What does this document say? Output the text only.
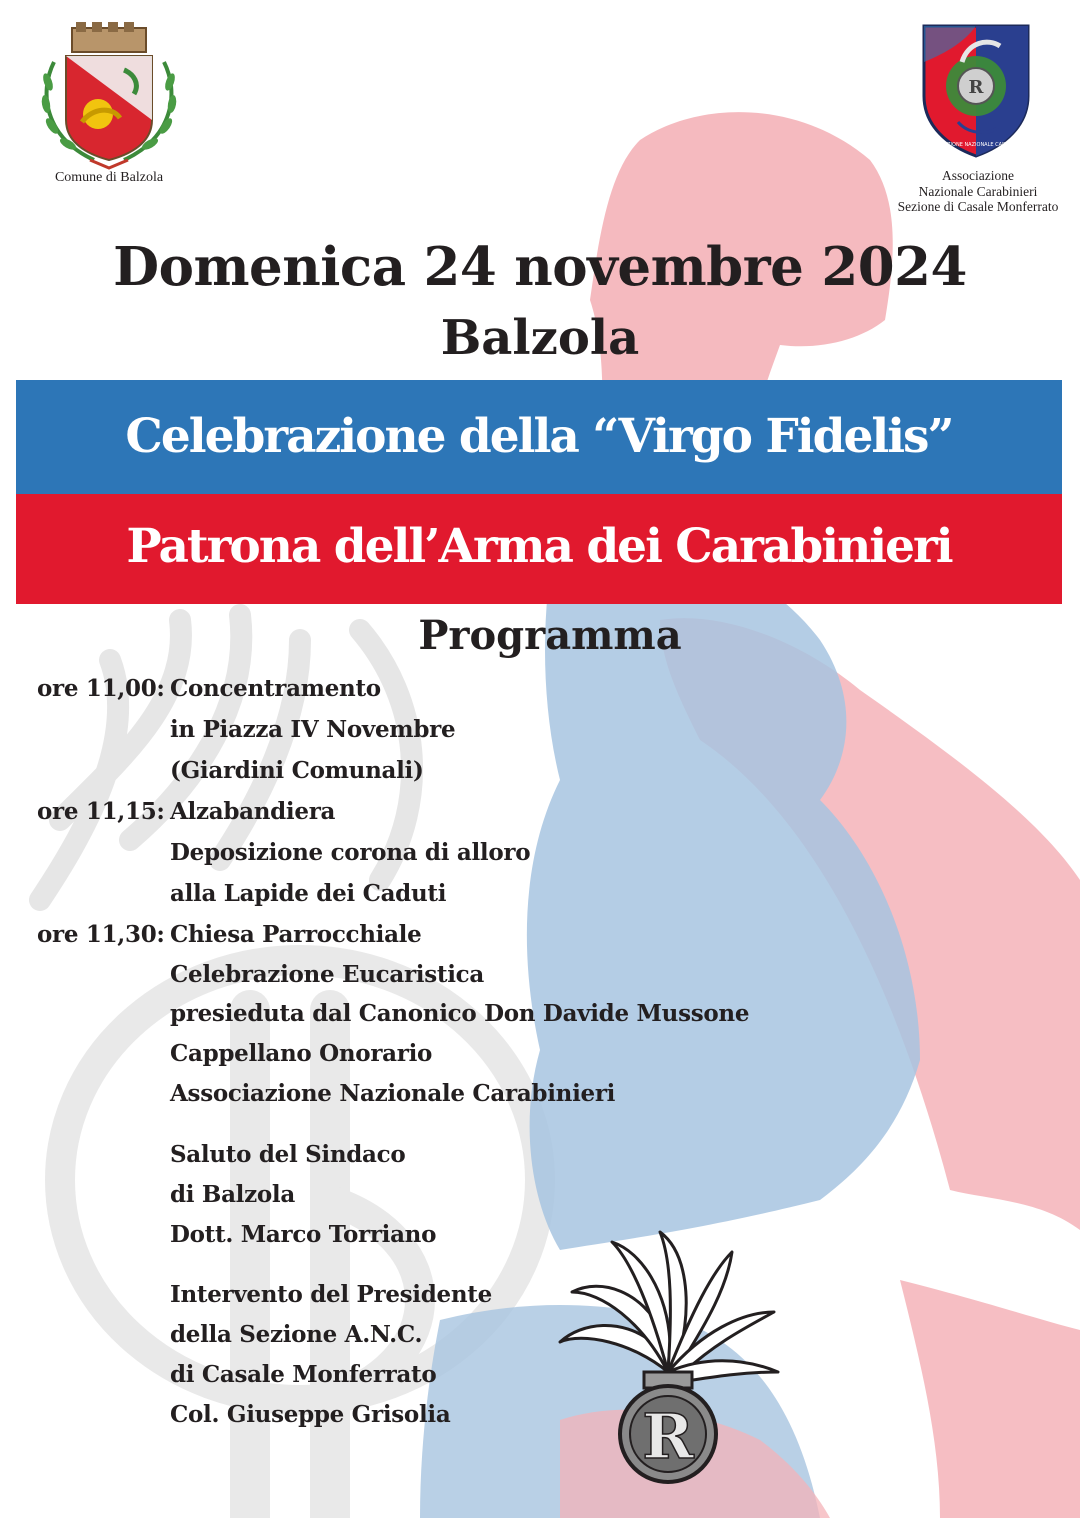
Comune di Balzola
R
ASSOCIAZIONE NAZIONALE CARABINIERI
Associazione
Nazionale Carabinieri
Sezione di Casale Monferrato
Domenica 24 novembre 2024
Balzola
Celebrazione della “Virgo Fidelis”
Patrona dell’Arma dei Carabinieri
Programma
ore 11,00: Concentramento
in Piazza IV Novembre
(Giardini Comunali)
ore 11,15: Alzabandiera
Deposizione corona di alloro
alla Lapide dei Caduti
ore 11,30: Chiesa Parrocchiale
Celebrazione Eucaristica
presieduta dal Canonico Don Davide Mussone
Cappellano Onorario
Associazione Nazionale Carabinieri
Saluto del Sindaco
di Balzola
Dott. Marco Torriano
Intervento del Presidente
della Sezione A.N.C.
di Casale Monferrato
Col. Giuseppe Grisolia	R
